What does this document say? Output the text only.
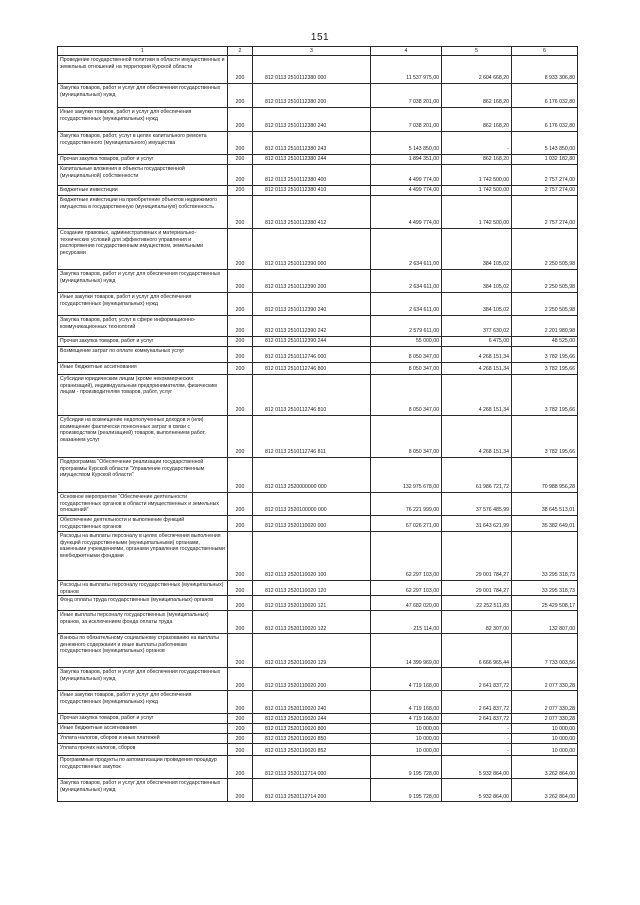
151
1	2	3	4	5	6
Проведение государственной политики в области имущественных и земельных отношений на территории Курской области	200	812 0113 2510112380 000	11 537 975,00	2 604 668,20	8 933 306,80
Закупка товаров, работ и услуг для обеспечения государственных (муниципальных) нужд	200	812 0113 2510112380 200	7 038 201,00	862 168,20	6 176 032,80
Иные закупки товаров, работ и услуг для обеспечения государственных (муниципальных) нужд	200	812 0113 2510112380 240	7 038 201,00	862 168,20	6 176 032,80
Закупка товаров, работ, услуг в целях капитального ремонта государственного (муниципального) имущества	200	812 0113 2510112380 243	5 143 850,00	-	5 143 850,00
Прочая закупка товаров, работ и услуг	200	812 0113 2510112380 244	1 894 351,00	862 168,20	1 032 182,80
Капитальные вложения в объекты государственной (муниципальной) собственности	200	812 0113 2510112380 400	4 499 774,00	1 742 500,00	2 757 274,00
Бюджетные инвестиции	200	812 0113 2510112380 410	4 499 774,00	1 742 500,00	2 757 274,00
Бюджетные инвестиции на приобретение объектов недвижимого имущества в государственную (муниципальную) собственность	200	812 0113 2510112380 412	4 499 774,00	1 742 500,00	2 757 274,00
Создание правовых, административных и материально-технических условий для эффективного управления и распоряжения государственным имуществом, земельными ресурсами	200	812 0113 2510112390 000	2 634 611,00	384 105,02	2 250 505,98
Закупка товаров, работ и услуг для обеспечения государственных (муниципальных) нужд	200	812 0113 2510112390 200	2 634 611,00	384 105,02	2 250 505,98
Иные закупки товаров, работ и услуг для обеспечения государственных (муниципальных) нужд	200	812 0113 2510112390 240	2 634 611,00	384 105,02	2 250 505,98
Закупка товаров, работ, услуг в сфере информационно-коммуникационных технологий	200	812 0113 2510112390 242	2 579 611,00	377 630,02	2 201 980,98
Прочая закупка товаров, работ и услуг	200	812 0113 2510112390 244	55 000,00	6 475,00	48 525,00
Возмещение затрат по оплате коммунальных услуг	200	812 0113 2510112746 000	8 050 347,00	4 268 151,34	3 782 195,66
Иные бюджетные ассигнования	200	812 0113 2510112746 800	8 050 347,00	4 268 151,34	3 782 195,66
Субсидии юридическим лицам (кроме некоммерческих организаций), индивидуальным предпринимателям, физическим лицам - производителям товаров, работ, услуг	200	812 0113 2510112746 810	8 050 347,00	4 268 151,34	3 782 195,66
Субсидии на возмещение недополученных доходов и (или) возмещение фактически понесенных затрат в связи с производством (реализацией) товаров, выполнением работ, оказанием услуг	200	812 0113 2510112746 811	8 050 347,00	4 268 151,34	3 782 195,66
Подпрограмма "Обеспечение реализации государственной программы Курской области "Управление государственным имуществом Курской области"	200	812 0113 2520000000 000	132 975 678,00	61 986 721,72	70 988 956,28
Основное мероприятие "Обеспечение деятельности государственных органов в области имущественных и земельных отношений"	200	812 0113 2520100000 000	76 221 999,00	37 576 485,99	38 645 513,01
Обеспечение деятельности и выполнение функций государственных органов	200	812 0113 2520110020 000	67 026 271,00	31 643 621,99	35 382 649,01
Расходы на выплаты персоналу в целях обеспечения выполнения функций государственными (муниципальными) органами, казенными учреждениями, органами управления государственными внебюджетными фондами	200	812 0113 2520110020 100	62 297 103,00	29 001 784,27	33 295 318,73
Расходы на выплаты персоналу государственных (муниципальных) органов	200	812 0113 2520110020 120	62 297 103,00	29 001 784,27	33 295 318,73
Фонд оплаты труда государственных (муниципальных) органов	200	812 0113 2520110020 121	47 682 020,00	22 252 511,83	25 429 508,17
Иные выплаты персоналу государственных (муниципальных) органов, за исключением фонда оплаты труда	200	812 0113 2520110020 122	215 114,00	82 307,00	132 807,00
Взносы по обязательному социальному страхованию на выплаты денежного содержания и иные выплаты работникам государственных (муниципальных) органов	200	812 0113 2520110020 129	14 399 969,00	6 666 965,44	7 733 003,56
Закупка товаров, работ и услуг для обеспечения государственных (муниципальных) нужд	200	812 0113 2520110020 200	4 719 168,00	2 641 837,72	2 077 330,28
Иные закупки товаров, работ и услуг для обеспечения государственных (муниципальных) нужд	200	812 0113 2520110020 240	4 719 168,00	2 641 837,72	2 077 330,28
Прочая закупка товаров, работ и услуг	200	812 0113 2520110020 244	4 719 168,00	2 641 837,72	2 077 330,28
Иные бюджетные ассигнования	200	812 0113 2520110020 800	10 000,00	-	10 000,00
Уплата налогов, сборов и иных платежей	200	812 0113 2520110020 850	10 000,00	-	10 000,00
Уплата прочих налогов, сборов	200	812 0113 2520110020 852	10 000,00	-	10 000,00
Программные продукты по автоматизации проведения процедур государственных закупок	200	812 0113 2520112714 000	9 195 728,00	5 932 864,00	3 262 864,00
Закупка товаров, работ и услуг для обеспечения государственных (муниципальных) нужд	200	812 0113 2520112714 200	9 195 728,00	5 932 864,00	3 262 864,00
